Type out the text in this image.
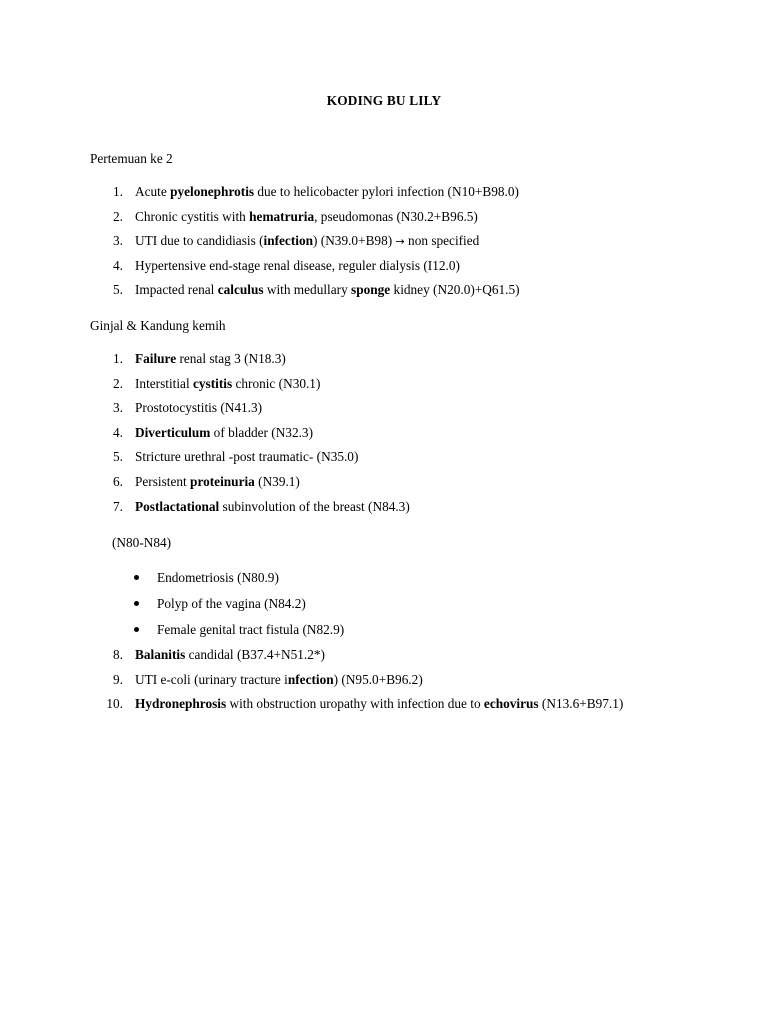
KODING BU LILY
Pertemuan ke 2
1. Acute pyelonephrotis due to helicobacter pylori infection (N10+B98.0)
2. Chronic cystitis with hematruria, pseudomonas (N30.2+B96.5)
3. UTI due to candidiasis (infection) (N39.0+B98) → non specified
4. Hypertensive end-stage renal disease, reguler dialysis (I12.0)
5. Impacted renal calculus with medullary sponge kidney (N20.0)+Q61.5)
Ginjal & Kandung kemih
1. Failure renal stag 3 (N18.3)
2. Interstitial cystitis chronic (N30.1)
3. Prostotocystitis (N41.3)
4. Diverticulum of bladder (N32.3)
5. Stricture urethral -post traumatic- (N35.0)
6. Persistent proteinuria (N39.1)
7. Postlactational subinvolution of the breast (N84.3)
(N80-N84)
Endometriosis (N80.9)
Polyp of the vagina (N84.2)
Female genital tract fistula (N82.9)
8. Balanitis candidal (B37.4+N51.2*)
9. UTI e-coli (urinary tracture infection) (N95.0+B96.2)
10. Hydronephrosis with obstruction uropathy with infection due to echovirus (N13.6+B97.1)
